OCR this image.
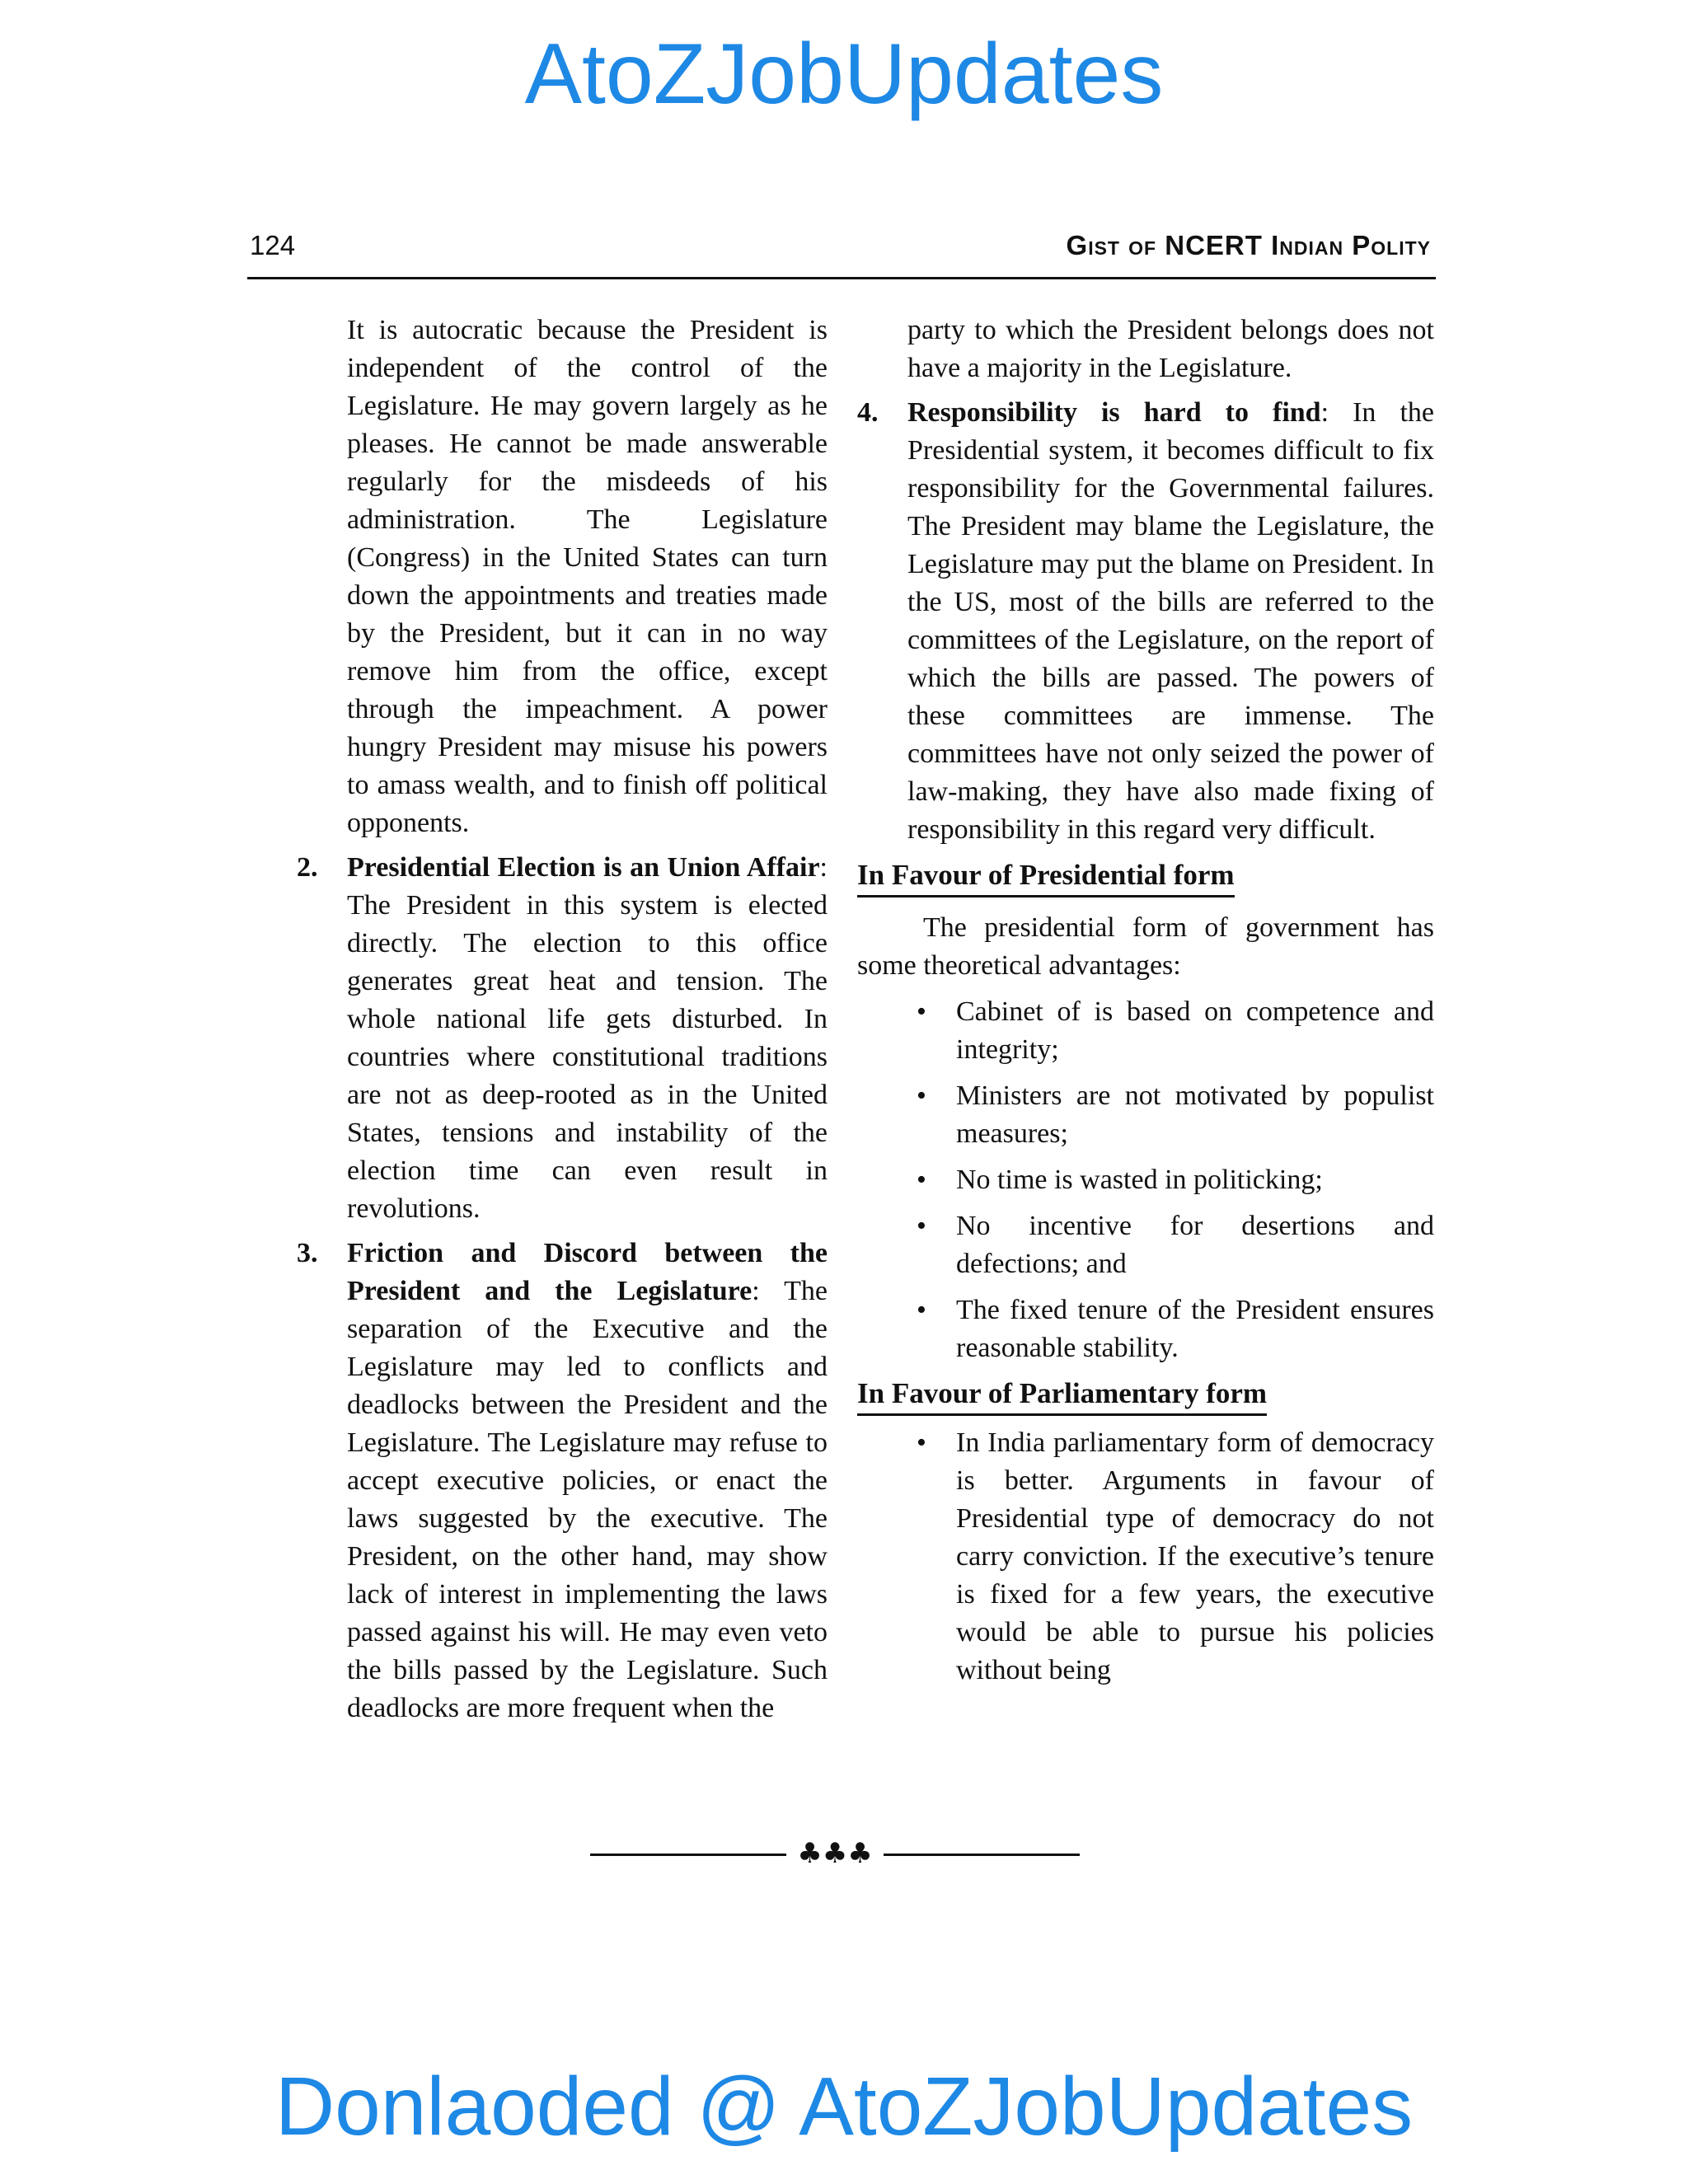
AtoZJobUpdates
124	Gist of NCERT Indian Polity

It is autocratic because the President is independent of the control of the Legislature. He may govern largely as he pleases. He cannot be made answerable regularly for the misdeeds of his administration. The Legislature (Congress) in the United States can turn down the appointments and treaties made by the President, but it can in no way remove him from the office, except through the impeachment. A power hungry President may misuse his powers to amass wealth, and to finish off political opponents.

2. Presidential Election is an Union Affair: The President in this system is elected directly. The election to this office generates great heat and tension. The whole national life gets disturbed. In countries where constitutional traditions are not as deep-rooted as in the United States, tensions and instability of the election time can even result in revolutions.
3. Friction and Discord between the President and the Legislature: The separation of the Executive and the Legislature may led to conflicts and deadlocks between the President and the Legislature. The Legislature may refuse to accept executive policies, or enact the laws suggested by the executive. The President, on the other hand, may show lack of interest in implementing the laws passed against his will. He may even veto the bills passed by the Legislature. Such deadlocks are more frequent when the

party to which the President belongs does not have a majority in the Legislature.

4. Responsibility is hard to find: In the Presidential system, it becomes difficult to fix responsibility for the Governmental failures. The President may blame the Legislature, the Legislature may put the blame on President. In the US, most of the bills are referred to the committees of the Legislature, on the report of which the bills are passed. The powers of these committees are immense. The committees have not only seized the power of law-making, they have also made fixing of responsibility in this regard very difficult.
In Favour of Presidential form

The presidential form of government has some theoretical advantages:

• Cabinet of is based on competence and integrity;
• Ministers are not motivated by populist measures;
• No time is wasted in politicking;
• No incentive for desertions and defections; and
• The fixed tenure of the President ensures reasonable stability.
In Favour of Parliamentary form
• In India parliamentary form of democracy is better. Arguments in favour of Presidential type of democracy do not carry conviction. If the executive’s tenure is fixed for a few years, the executive would be able to pursue his policies without being
♣♣♣
Donlaoded @ AtoZJobUpdates
